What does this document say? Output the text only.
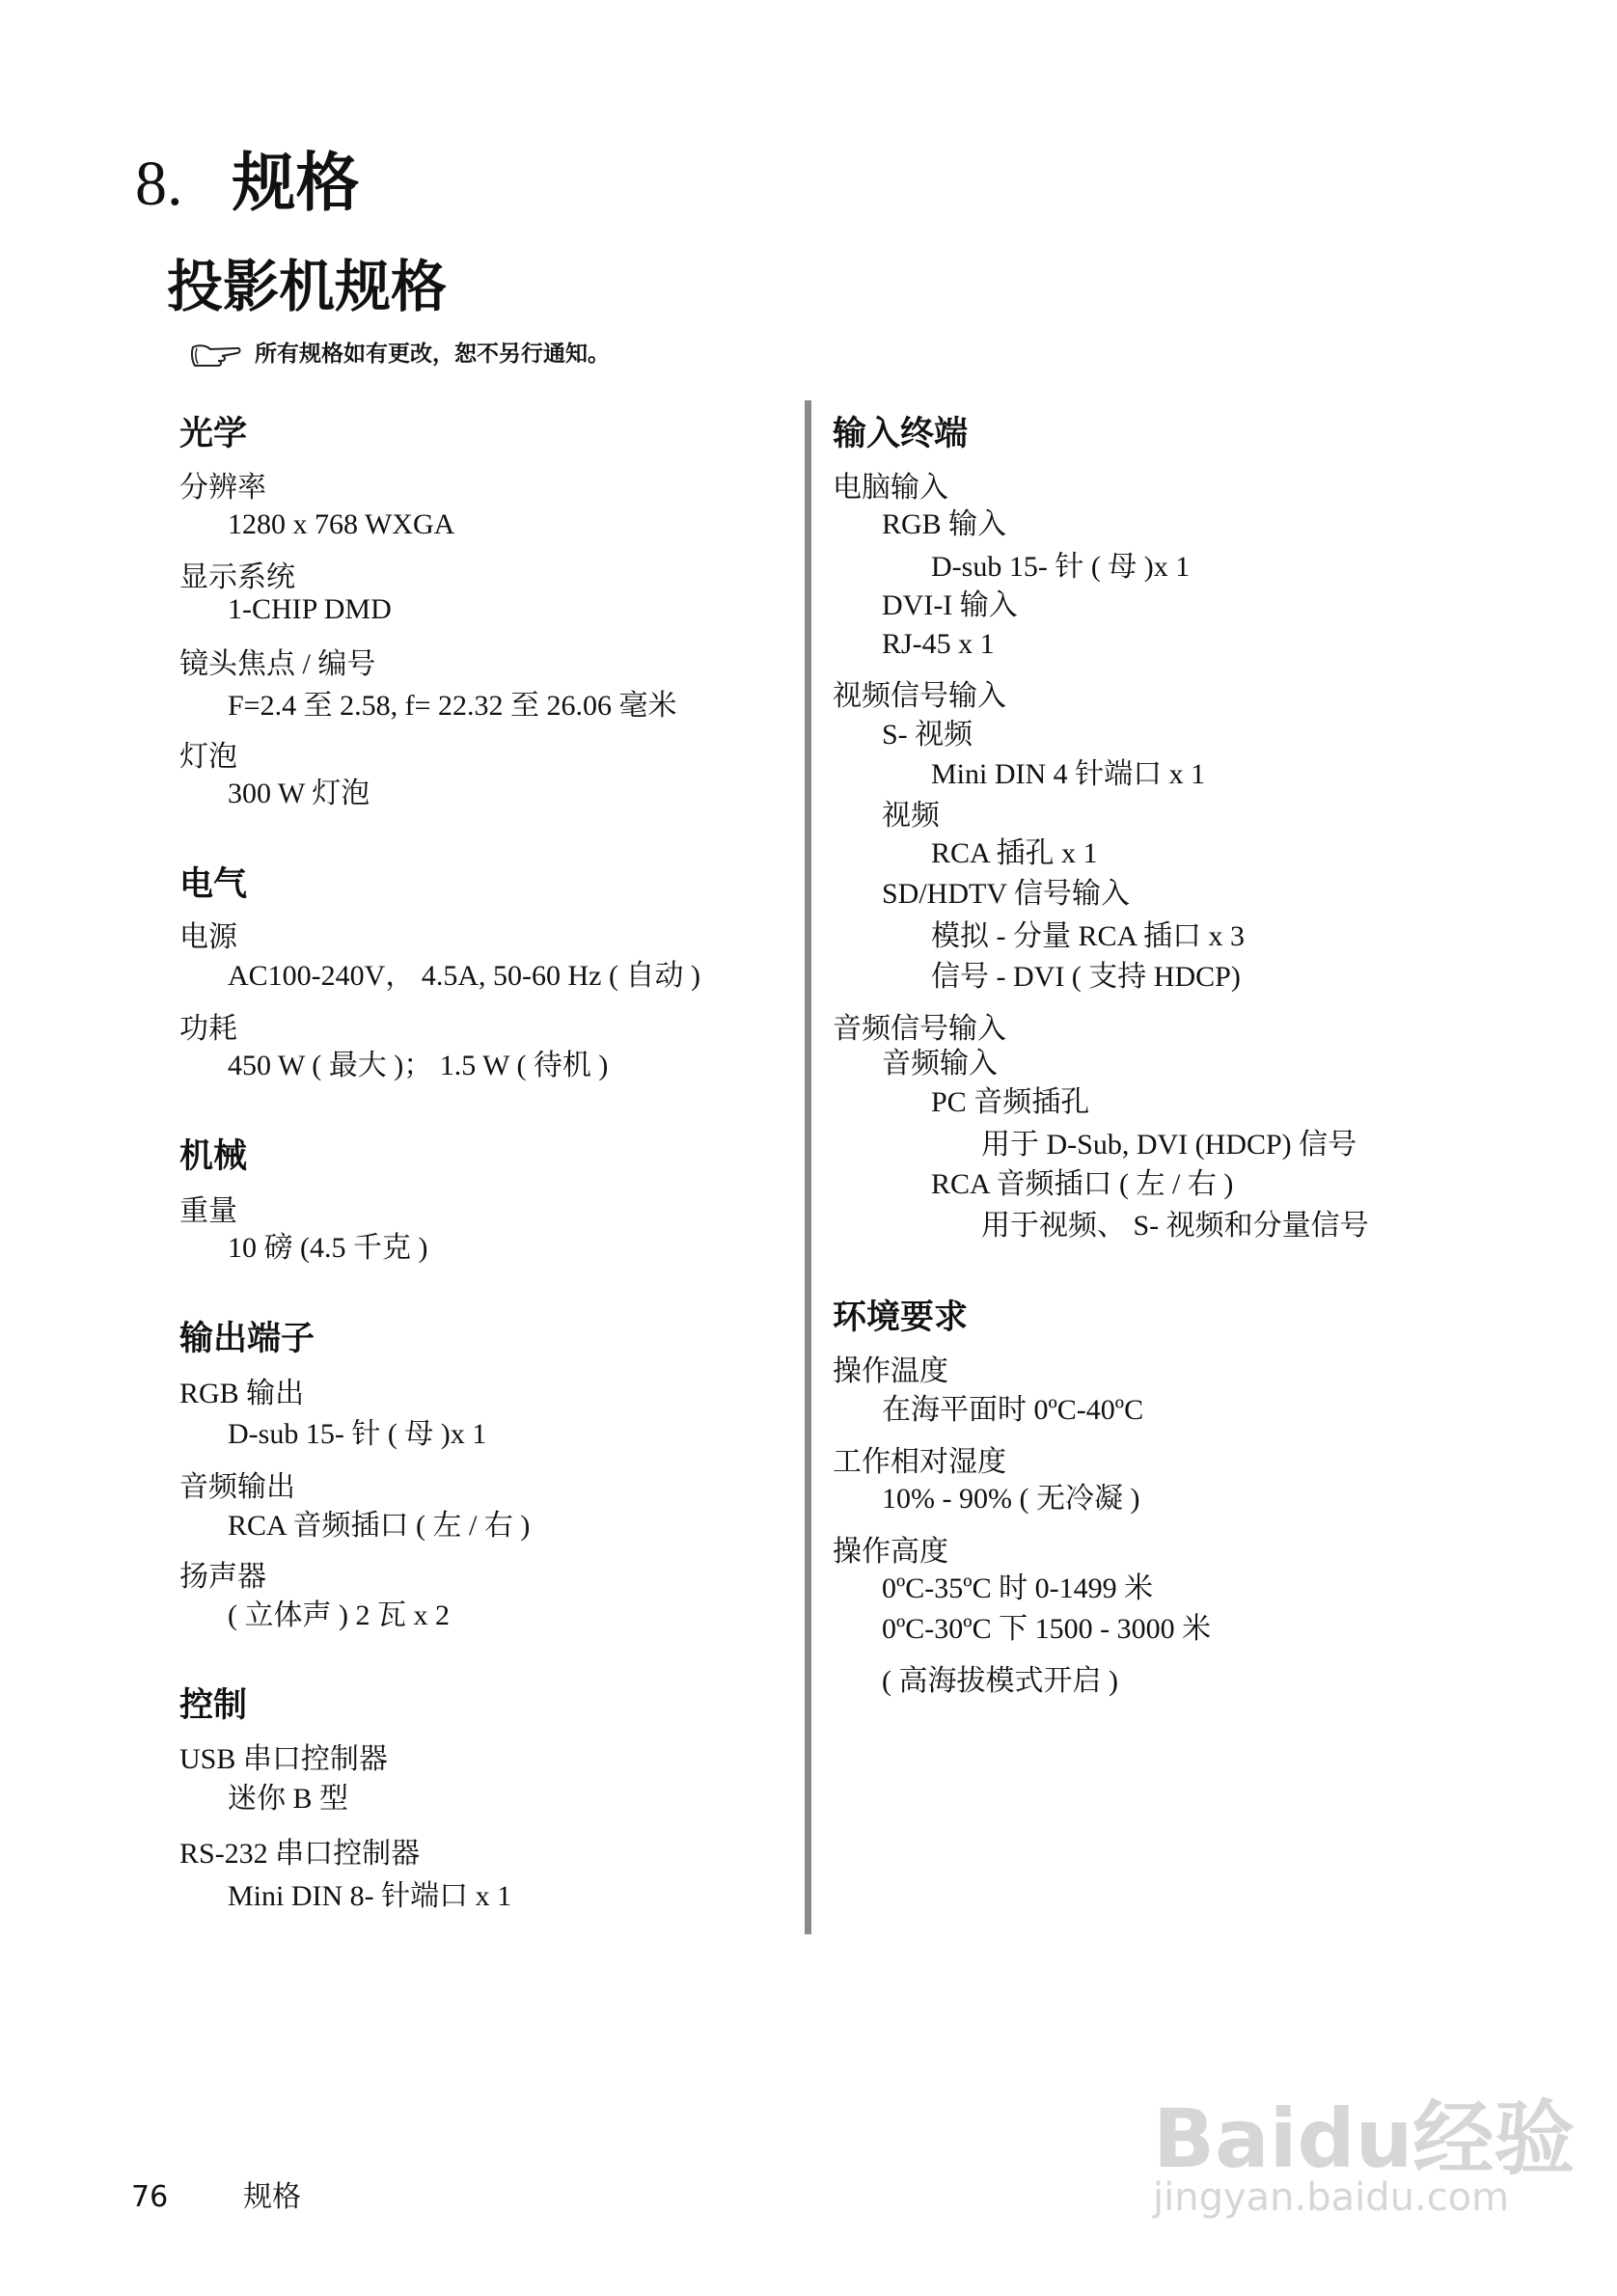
8. 规格
投影机规格
所有规格如有更改，恕不另行通知。
光学
分辨率
1280 x 768 WXGA
显示系统
1-CHIP DMD
镜头焦点 / 编号
F=2.4 至 2.58, f= 22.32 至 26.06 毫米
灯泡
300 W 灯泡
电气
电源
AC100-240V， 4.5A, 50-60 Hz ( 自动 )
功耗
450 W ( 最大 )； 1.5 W ( 待机 )
机械
重量
10 磅 (4.5 千克 )
输出端子
RGB 输出
D-sub 15- 针 ( 母 )x 1
音频输出
RCA 音频插口 ( 左 / 右 )
扬声器
( 立体声 ) 2 瓦 x 2
控制
USB 串口控制器
迷你 B 型
RS-232 串口控制器
Mini DIN 8- 针端口 x 1
输入终端
电脑输入
RGB 输入
D-sub 15- 针 ( 母 )x 1
DVI-I 输入
RJ-45 x 1
视频信号输入
S- 视频
Mini DIN 4 针端口 x 1
视频
RCA 插孔 x 1
SD/HDTV 信号输入
模拟 - 分量 RCA 插口 x 3
信号 - DVI ( 支持 HDCP)
音频信号输入
音频输入
PC 音频插孔
用于 D-Sub, DVI (HDCP) 信号
RCA 音频插口 ( 左 / 右 )
用于视频、 S- 视频和分量信号
环境要求
操作温度
在海平面时 0ºC-40ºC
工作相对湿度
10% - 90% ( 无冷凝 )
操作高度
0ºC-35ºC 时 0-1499 米
0ºC-30ºC 下 1500 - 3000 米
( 高海拔模式开启 )
76	规格
Baidu经验
jingyan.baidu.com
